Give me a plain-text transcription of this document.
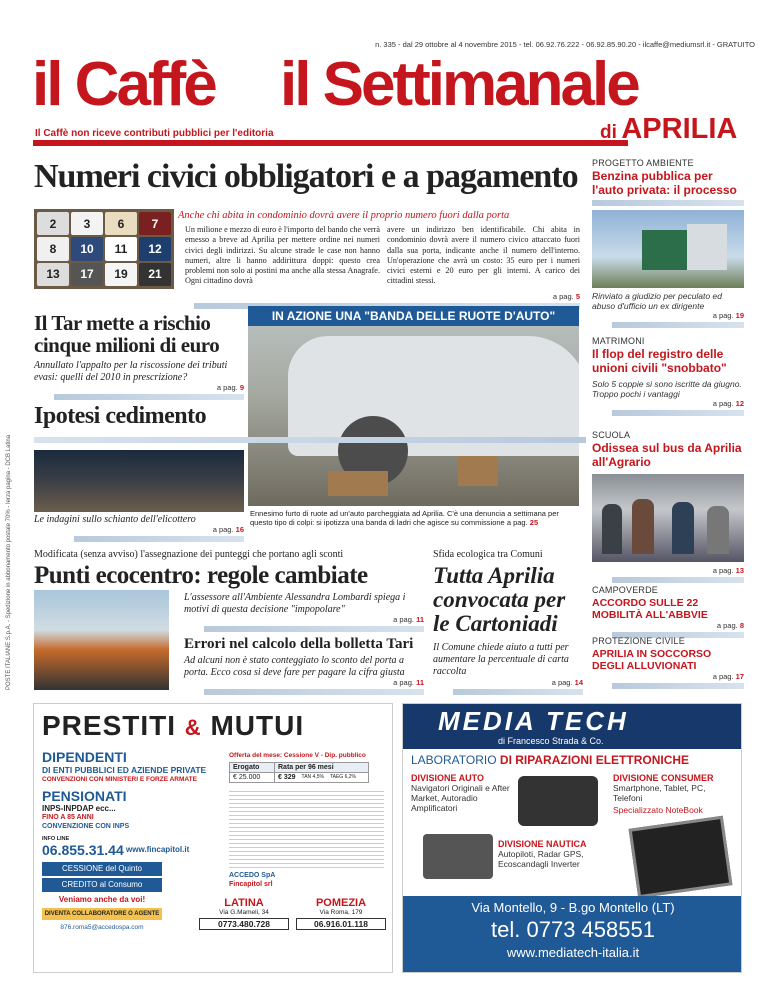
n. 335 - dal 29 ottobre al 4 novembre 2015 - tel. 06.92.76.222 - 06.92.85.90.20 - ilcaffe@mediumsrl.it - GRATUITO
il Caffè il Settimanale
Il Caffè non riceve contributi pubblici per l'editoria	di APRILIA
Numeri civici obbligatori e a pagamento
Anche chi abita in condominio dovrà avere il proprio numero fuori dalla porta
2	3	6	7
8	10	11	12
13	17	19	21
Un milione e mezzo di euro è l'importo del bando che verrà emesso a breve ad Aprilia per mettere ordine nei numeri civici degli indirizzi. Su alcune strade le case non hanno numeri, altre li hanno addirittura doppi: questo crea problemi non solo ai postini ma anche alla stessa Anagrafe. Ogni cittadino dovrà
avere un indirizzo ben identificabile. Chi abita in condominio dovrà avere il numero civico attaccato fuori dalla sua porta, indicante anche il numero dell'interno. Un'operazione che avrà un costo: 35 euro per i numeri civici esterni e 20 euro per gli interni. A carico dei cittadini stessi.
a pag. 5
PROGETTO AMBIENTE
Benzina pubblica per l'auto privata: il processo
Rinviato a giudizio per peculato ed abuso d'ufficio un ex dirigente
a pag. 19
MATRIMONI
Il flop del registro delle unioni civili "snobbato"
Solo 5 coppie si sono iscritte da giugno. Troppo pochi i vantaggi
a pag. 12
SCUOLA
Odissea sul bus da Aprilia all'Agrario
a pag. 13
CAMPOVERDE
ACCORDO SULLE 22 MOBILITÀ ALL'ABBVIE
a pag. 8
PROTEZIONE CIVILE
APRILIA IN SOCCORSO DEGLI ALLUVIONATI
a pag. 17
Il Tar mette a rischio cinque milioni di euro
Annullato l'appalto per la riscossione dei tributi evasi: quelli del 2010 in prescrizione?
a pag. 9
IN AZIONE UNA "BANDA DELLE RUOTE D'AUTO"
Ennesimo furto di ruote ad un'auto parcheggiata ad Aprilia. C'è una denuncia a settimana per questo tipo di colpi: si ipotizza una banda di ladri che agisce su commissione a pag. 25
Ipotesi cedimento
Le indagini sullo schianto dell'elicottero
a pag. 16
Modificata (senza avviso) l'assegnazione dei punteggi che portano agli sconti
Punti ecocentro: regole cambiate
L'assessore all'Ambiente Alessandra Lombardi spiega i motivi di questa decisione "impopolare"
a pag. 11
Errori nel calcolo della bolletta Tari
Ad alcuni non è stato conteggiato lo sconto del porta a porta. Ecco cosa si deve fare per pagare la cifra giusta
a pag. 11
Sfida ecologica tra Comuni
Tutta Aprilia convocata per le Cartoniadi
Il Comune chiede aiuto a tutti per aumentare la percentuale di carta raccolta
a pag. 14
POSTE ITALIANE S.p.A. - Spedizione in abbonamento postale 70% - Ierza pagina - DCB Latina
PRESTITI & MUTUI
DIPENDENTI
DI ENTI PUBBLICI ED AZIENDE PRIVATE
CONVENZIONI CON MINISTERI E FORZE ARMATE
PENSIONATI
INPS-INPDAP ecc...
FINO A 85 ANNI
CONVENZIONE CON INPS
INFO LINE
06.855.31.44 www.fincapitol.it
CESSIONE del Quinto
CREDITO al Consumo
Veniamo anche da voi!
DIVENTA COLLABORATORE O AGENTE
876.roma5@accedospa.com
Offerta del mese: Cessione V - Dip. pubblico
Erogato	Rata per 96 mesi
€ 25.000	€ 329	TAN 4,5%	TAEG 6,2%
ACCEDO SpA
Fincapitol srl
LATINA
Via G.Mameli, 34
0773.480.728
POMEZIA
Via Roma, 179
06.916.01.118
MEDIA TECH
di Francesco Strada & Co.
LABORATORIO DI RIPARAZIONI ELETTRONICHE
DIVISIONE AUTO
Navigatori Originali e After Market, Autoradio Amplificatori
DIVISIONE CONSUMER
Smartphone, Tablet, PC, Telefoni
Specializzato NoteBook
DIVISIONE NAUTICA
Autopiloti, Radar GPS, Ecoscandagli Inverter
Via Montello, 9 - B.go Montello (LT)
tel. 0773 458551
www.mediatech-italia.it
